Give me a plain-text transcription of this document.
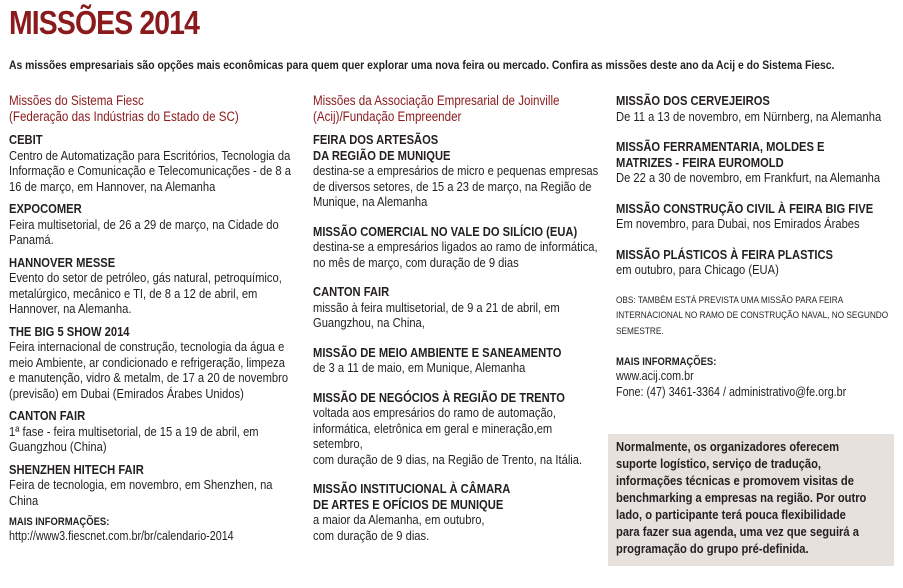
MISSÕES 2014
As missões empresariais são opções mais econômicas para quem quer explorar uma nova feira ou mercado. Confira as missões deste ano da Acij e do Sistema Fiesc.
Missões do Sistema Fiesc
(Federação das Indústrias do Estado de SC)
CEBIT
Centro de Automatização para Escritórios, Tecnologia da
Informação e Comunicação e Telecomunicações - de 8 a
16 de março, em Hannover, na Alemanha
EXPOCOMER
Feira multisetorial, de 26 a 29 de março, na Cidade do
Panamá.
HANNOVER MESSE
Evento do setor de petróleo, gás natural, petroquímico,
metalúrgico, mecânico e TI, de 8 a 12 de abril, em
Hannover, na Alemanha.
THE BIG 5 SHOW 2014
Feira internacional de construção, tecnologia da água e
meio Ambiente, ar condicionado e refrigeração, limpeza
e manutenção, vidro & metalm, de 17 a 20 de novembro
(previsão) em Dubai (Emirados Árabes Unidos)
CANTON FAIR
1ª fase - feira multisetorial, de 15 a 19 de abril, em
Guangzhou (China)
SHENZHEN HITECH FAIR
Feira de tecnologia, em novembro, em Shenzhen, na
China
MAIS INFORMAÇÕES:
http://www3.fiescnet.com.br/br/calendario-2014
Missões da Associação Empresarial de Joinville
(Acij)/Fundação Empreender
FEIRA DOS ARTESÃOS
DA REGIÃO DE MUNIQUE
destina-se a empresários de micro e pequenas empresas
de diversos setores, de 15 a 23 de março, na Região de
Munique, na Alemanha
MISSÃO COMERCIAL NO VALE DO SILÍCIO (EUA)
destina-se a empresários ligados ao ramo de informática,
no mês de março, com duração de 9 dias
CANTON FAIR
missão à feira multisetorial, de 9 a 21 de abril, em
Guangzhou, na China,
MISSÃO DE MEIO AMBIENTE E SANEAMENTO
de 3 a 11 de maio, em Munique, Alemanha
MISSÃO DE NEGÓCIOS À REGIÃO DE TRENTO
voltada aos empresários do ramo de automação,
informática, eletrônica em geral e mineração,em setembro,
com duração de 9 dias, na Região de Trento, na Itália.
MISSÃO INSTITUCIONAL À CÂMARA
DE ARTES E OFÍCIOS DE MUNIQUE
a maior da Alemanha, em outubro,
com duração de 9 dias.
MISSÃO DOS CERVEJEIROS
De 11 a 13 de novembro, em Nürnberg, na Alemanha
MISSÃO FERRAMENTARIA, MOLDES E
MATRIZES - FEIRA EUROMOLD
De 22 a 30 de novembro, em Frankfurt, na Alemanha
MISSÃO CONSTRUÇÃO CIVIL À FEIRA BIG FIVE
Em novembro, para Dubai, nos Emirados Árabes
MISSÃO PLÁSTICOS À FEIRA PLASTICS
em outubro, para Chicago (EUA)
OBS: TAMBÉM ESTÁ PREVISTA UMA MISSÃO PARA FEIRA
INTERNACIONAL NO RAMO DE CONSTRUÇÃO NAVAL, NO SEGUNDO
SEMESTRE.
MAIS INFORMAÇÕES:
www.acij.com.br
Fone: (47) 3461-3364 / administrativo@fe.org.br
Normalmente, os organizadores oferecem
suporte logístico, serviço de tradução,
informações técnicas e promovem visitas de
benchmarking a empresas na região. Por outro
lado, o participante terá pouca flexibilidade
para fazer sua agenda, uma vez que seguirá a
programação do grupo pré-definida.
